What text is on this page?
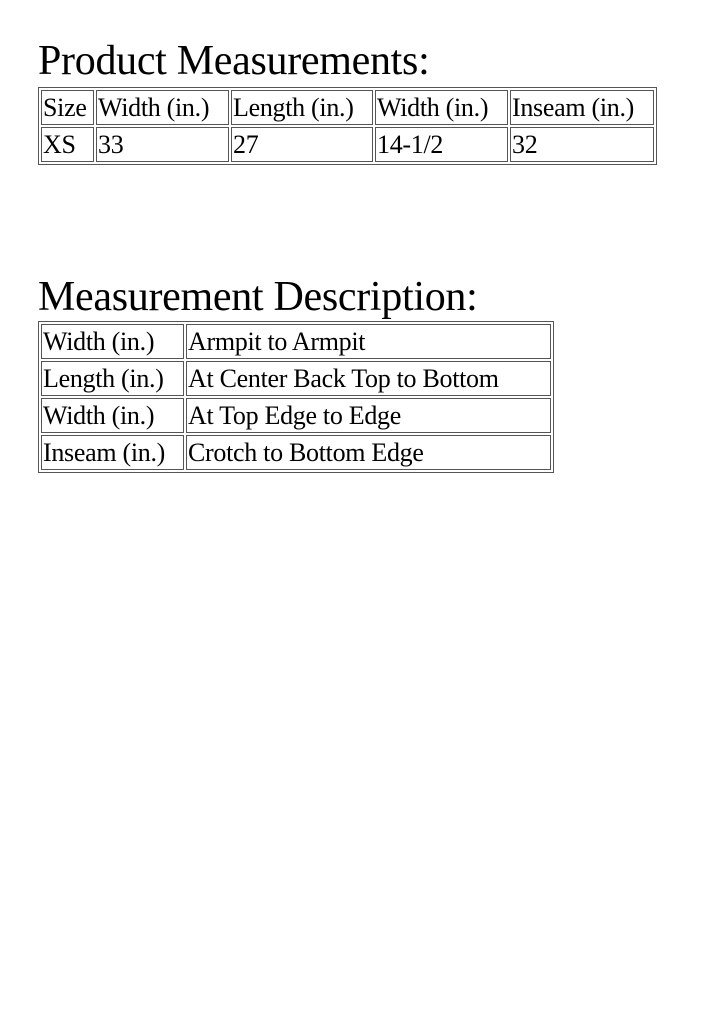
Product Measurements:
Size	Width (in.)	Length (in.)	Width (in.)	Inseam (in.)
XS	33	27	14-1/2	32
Measurement Description:
Width (in.)	Armpit to Armpit
Length (in.)	At Center Back Top to Bottom
Width (in.)	At Top Edge to Edge
Inseam (in.)	Crotch to Bottom Edge
